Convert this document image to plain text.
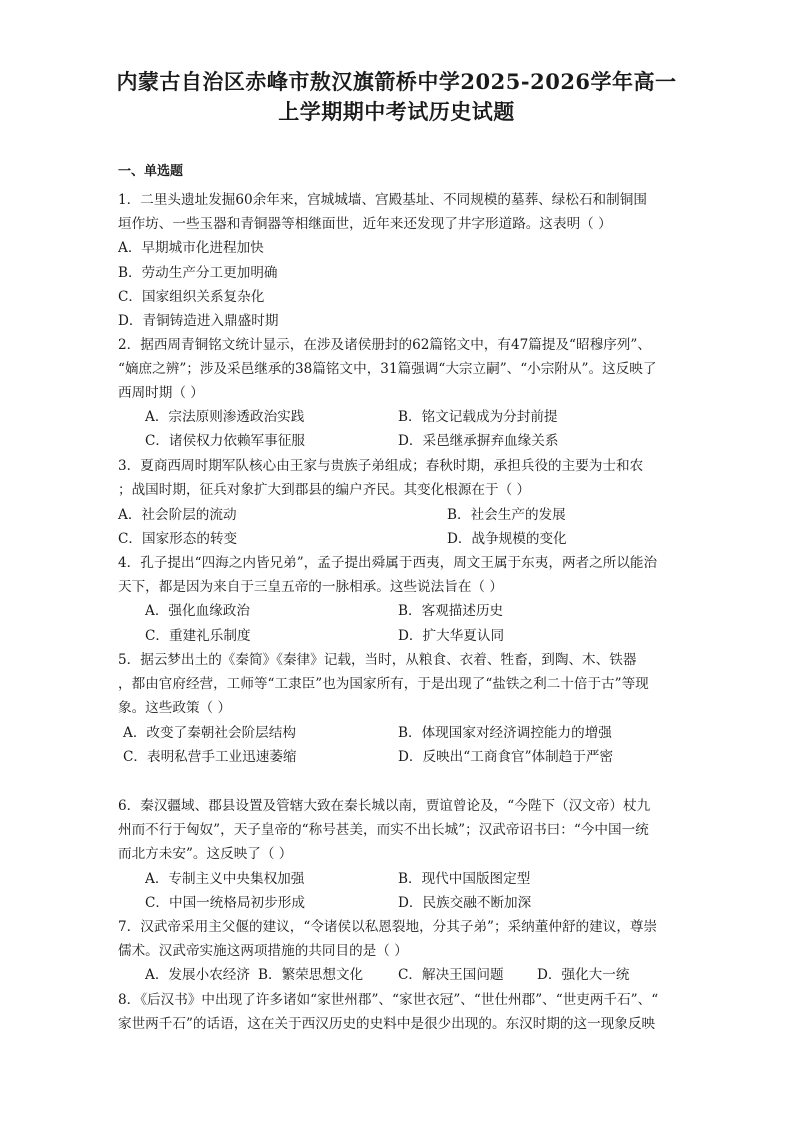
内蒙古自治区赤峰市敖汉旗箭桥中学2025-2026学年高一
上学期期中考试历史试题
一、单选题
1．二里头遗址发掘60余年来，宫城城墙、宫殿基址、不同规模的墓葬、绿松石和制铜围
垣作坊、一些玉器和青铜器等相继面世，近年来还发现了井字形道路。这表明（ ）
A．早期城市化进程加快
B．劳动生产分工更加明确
C．国家组织关系复杂化
D．青铜铸造进入鼎盛时期
2．据西周青铜铭文统计显示，在涉及诸侯册封的62篇铭文中，有47篇提及“昭穆序列”、
“嫡庶之辨”；涉及采邑继承的38篇铭文中，31篇强调“大宗立嗣”、“小宗附从”。这反映了
西周时期（ ）
A．宗法原则渗透政治实践	B．铭文记载成为分封前提
C．诸侯权力依赖军事征服	D．采邑继承摒弃血缘关系
3．夏商西周时期军队核心由王家与贵族子弟组成；春秋时期，承担兵役的主要为士和农
；战国时期，征兵对象扩大到郡县的编户齐民。其变化根源在于（ ）
A．社会阶层的流动	B．社会生产的发展
C．国家形态的转变	D．战争规模的变化
4．孔子提出“四海之内皆兄弟”，孟子提出舜属于西夷，周文王属于东夷，两者之所以能治
天下，都是因为来自于三皇五帝的一脉相承。这些说法旨在（ ）
A．强化血缘政治	B．客观描述历史
C．重建礼乐制度	D．扩大华夏认同
5．据云梦出土的《秦简》《秦律》记载，当时，从粮食、衣着、牲畜，到陶、木、铁器
，都由官府经营，工师等“工隶臣”也为国家所有，于是出现了“盐铁之利二十倍于古”等现
象。这些政策（ ）
A．改变了秦朝社会阶层结构	B．体现国家对经济调控能力的增强
C．表明私营手工业迅速萎缩	D．反映出“工商食官”体制趋于严密
6．秦汉疆域、郡县设置及管辖大致在秦长城以南，贾谊曾论及，“今陛下（汉文帝）杖九
州而不行于匈奴”，天子皇帝的“称号甚美，而实不出长城”；汉武帝诏书曰：“今中国一统
而北方未安”。这反映了（ ）
A．专制主义中央集权加强	B．现代中国版图定型
C．中国一统格局初步形成	D．民族交融不断加深
7．汉武帝采用主父偃的建议，“令诸侯以私恩裂地，分其子弟”；采纳董仲舒的建议，尊崇
儒术。汉武帝实施这两项措施的共同目的是（ ）
A．发展小农经济 B．繁荣思想文化	C．解决王国问题 D．强化大一统
8．《后汉书》中出现了许多诸如“家世州郡”、“家世衣冠”、“世仕州郡”、“世吏两千石”、“
家世两千石”的话语，这在关于西汉历史的史料中是很少出现的。东汉时期的这一现象反映
